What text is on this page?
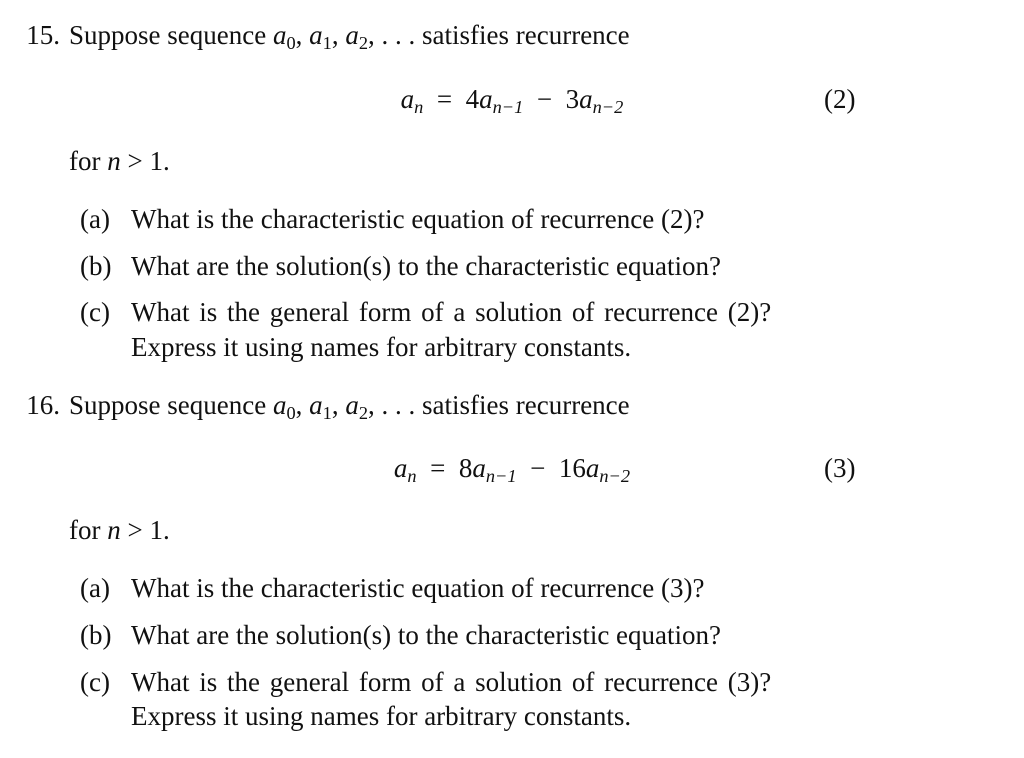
15. Suppose sequence $a_0$, $a_1$, $a_2$, . . . satisfies recurrence
$a_n = 4a_{n-1} - 3a_{n-2}$	(2)
for n > 1.
(a) What is the characteristic equation of recurrence (2)?
(b) What are the solution(s) to the characteristic equation?
(c) What is the general form of a solution of recurrence (2)?
Express it using names for arbitrary constants.
16. Suppose sequence $a_0$, $a_1$, $a_2$, . . . satisfies recurrence
$a_n = 8a_{n-1} - 16a_{n-2}$	(3)
for n > 1.
(a) What is the characteristic equation of recurrence (3)?
(b) What are the solution(s) to the characteristic equation?
(c) What is the general form of a solution of recurrence (3)?
Express it using names for arbitrary constants.
